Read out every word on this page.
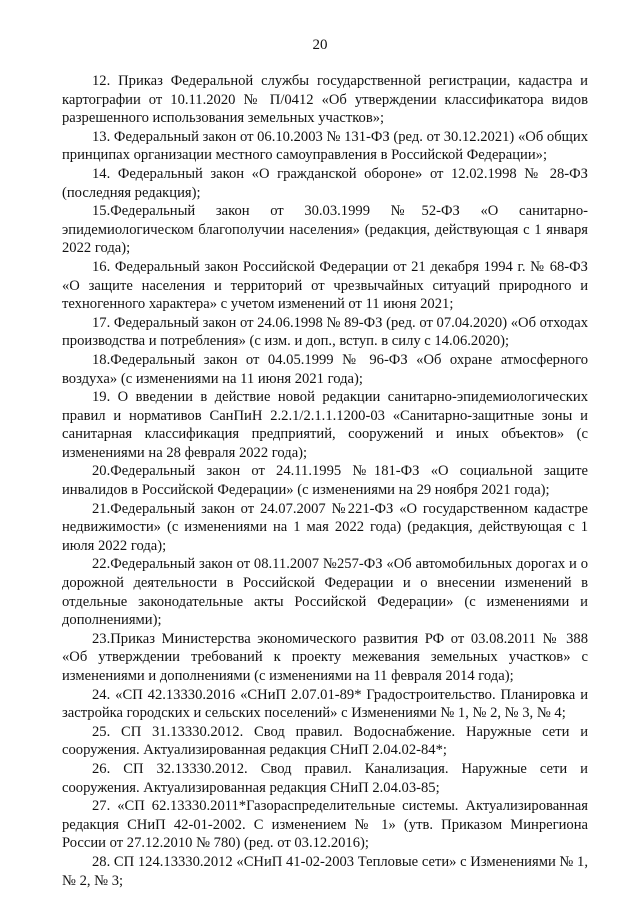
20

12. Приказ Федеральной службы государственной регистрации, кадастра и картографии от 10.11.2020 № П/0412 «Об утверждении классификатора видов разрешенного использования земельных участков»;

13. Федеральный закон от 06.10.2003 № 131-ФЗ (ред. от 30.12.2021) «Об общих принципах организации местного самоуправления в Российской Федерации»;

14. Федеральный закон «О гражданской обороне» от 12.02.1998 № 28-ФЗ (последняя редакция);

15.Федеральный закон от 30.03.1999 №52-ФЗ «О санитарно-эпидемиологическом благополучии населения» (редакция, действующая с 1 января 2022 года);

16. Федеральный закон Российской Федерации от 21 декабря 1994 г. № 68-ФЗ «О защите населения и территорий от чрезвычайных ситуаций природного и техногенного характера» с учетом изменений от 11 июня 2021;

17. Федеральный закон от 24.06.1998 № 89-ФЗ (ред. от 07.04.2020) «Об отходах производства и потребления» (с изм. и доп., вступ. в силу с 14.06.2020);

18.Федеральный закон от 04.05.1999 № 96-ФЗ «Об охране атмосферного воздуха» (с изменениями на 11 июня 2021 года);

19. О введении в действие новой редакции санитарно-эпидемиологических правил и нормативов СанПиН 2.2.1/2.1.1.1200-03 «Санитарно-защитные зоны и санитарная классификация предприятий, сооружений и иных объектов» (с изменениями на 28 февраля 2022 года);

20.Федеральный закон от 24.11.1995 №181-ФЗ «О социальной защите инвалидов в Российской Федерации» (с изменениями на 29 ноября 2021 года);

21.Федеральный закон от 24.07.2007 №221-ФЗ «О государственном кадастре недвижимости» (с изменениями на 1 мая 2022 года) (редакция, действующая с 1 июля 2022 года);

22.Федеральный закон от 08.11.2007 №257-ФЗ «Об автомобильных дорогах и о дорожной деятельности в Российской Федерации и о внесении изменений в отдельные законодательные акты Российской Федерации» (с изменениями и дополнениями);

23.Приказ Министерства экономического развития РФ от 03.08.2011 № 388 «Об утверждении требований к проекту межевания земельных участков» с изменениями и дополнениями (с изменениями на 11 февраля 2014 года);

24. «СП 42.13330.2016 «СНиП 2.07.01-89* Градостроительство. Планировка и застройка городских и сельских поселений» с Изменениями № 1, № 2, № 3, № 4;

25. СП 31.13330.2012. Свод правил. Водоснабжение. Наружные сети и сооружения. Актуализированная редакция СНиП 2.04.02-84*;

26. СП 32.13330.2012. Свод правил. Канализация. Наружные сети и сооружения. Актуализированная редакция СНиП 2.04.03-85;

27. «СП 62.13330.2011*Газораспределительные системы. Актуализированная редакция СНиП 42-01-2002. С изменением № 1» (утв. Приказом Минрегиона России от 27.12.2010 № 780) (ред. от 03.12.2016);

28. СП 124.13330.2012 «СНиП 41-02-2003 Тепловые сети» с Изменениями № 1, № 2, № 3;
